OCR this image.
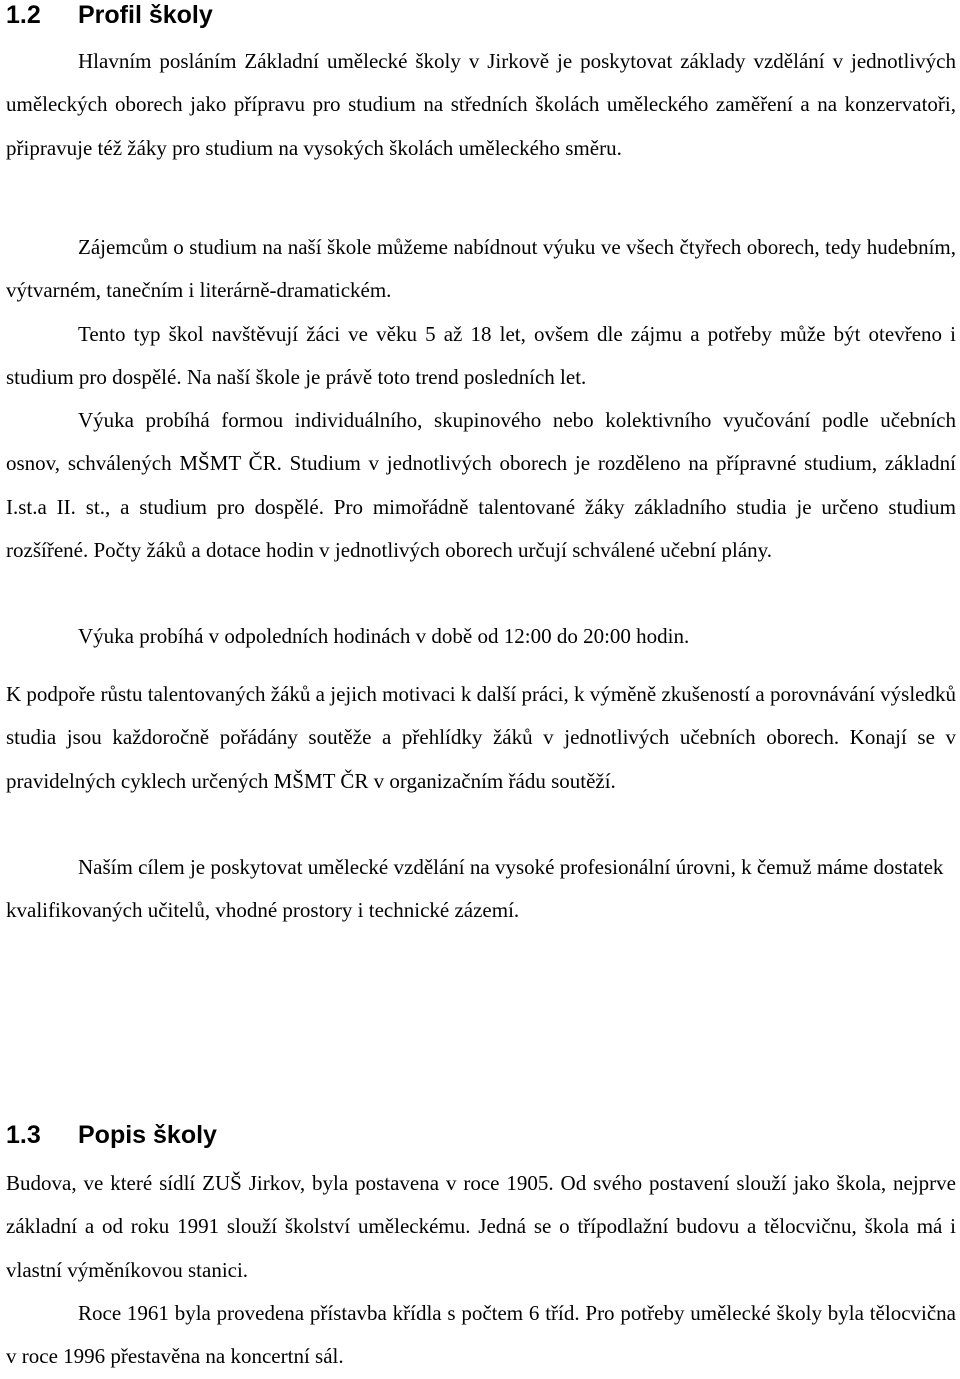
1.2 Profil školy

Hlavním posláním Základní umělecké školy v Jirkově je poskytovat základy vzdělání v jednotlivých uměleckých oborech jako přípravu pro studium na středních školách uměleckého zaměření a na konzervatoři, připravuje též žáky pro studium na vysokých školách uměleckého směru.

Zájemcům o studium na naší škole můžeme nabídnout výuku ve všech čtyřech oborech, tedy hudebním, výtvarném, tanečním i literárně-dramatickém.

Tento typ škol navštěvují žáci ve věku 5 až 18 let, ovšem dle zájmu a potřeby může být otevřeno i studium pro dospělé. Na naší škole je právě toto trend posledních let.

Výuka probíhá formou individuálního, skupinového nebo kolektivního vyučování podle učebních osnov, schválených MŠMT ČR. Studium v jednotlivých oborech je rozděleno na přípravné studium, základní I.st.a II. st., a studium pro dospělé. Pro mimořádně talentované žáky základního studia je určeno studium rozšířené. Počty žáků a dotace hodin v jednotlivých oborech určují schválené učební plány.

Výuka probíhá v odpoledních hodinách v době od 12:00 do 20:00 hodin.

K podpoře růstu talentovaných žáků a jejich motivaci k další práci, k výměně zkušeností a porovnávání výsledků studia jsou každoročně pořádány soutěže a přehlídky žáků v jednotlivých učebních oborech. Konají se v pravidelných cyklech určených MŠMT ČR v organizačním řádu soutěží.

Naším cílem je poskytovat umělecké vzdělání na vysoké profesionální úrovni, k čemuž máme dostatek kvalifikovaných učitelů, vhodné prostory i technické zázemí.

1.3 Popis školy

Budova, ve které sídlí ZUŠ Jirkov, byla postavena v roce 1905. Od svého postavení slouží jako škola, nejprve základní a od roku 1991 slouží školství uměleckému. Jedná se o třípodlažní budovu a tělocvičnu, škola má i vlastní výměníkovou stanici.

Roce 1961 byla provedena přístavba křídla s počtem 6 tříd. Pro potřeby umělecké školy byla tělocvična v roce 1996 přestavěna na koncertní sál.
